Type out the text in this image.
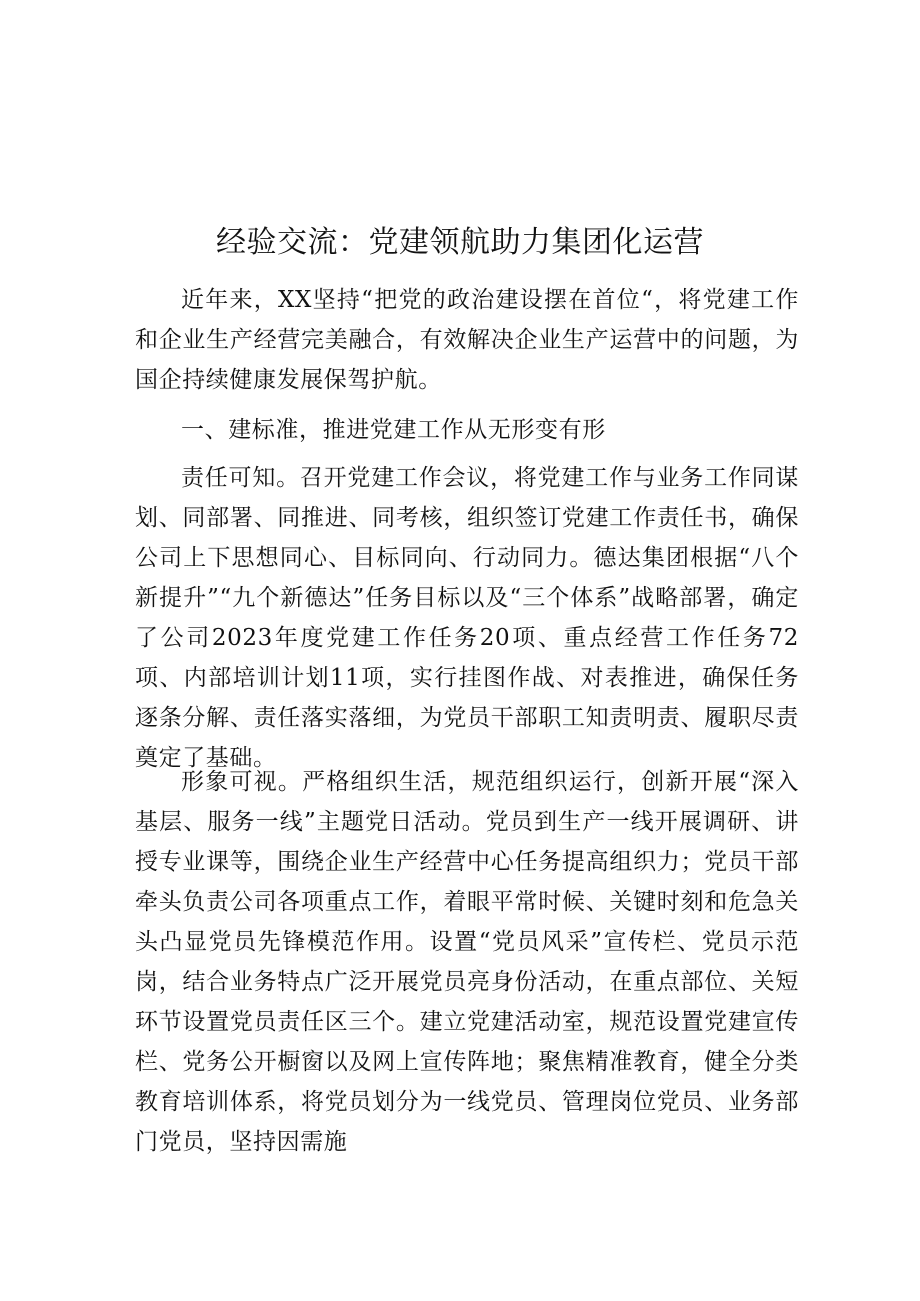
经验交流：党建领航助力集团化运营

近年来，XX坚持“把党的政治建设摆在首位“，将党建工作和企业生产经营完美融合，有效解决企业生产运营中的问题，为国企持续健康发展保驾护航。

一、建标准，推进党建工作从无形变有形

责任可知。召开党建工作会议，将党建工作与业务工作同谋划、同部署、同推进、同考核，组织签订党建工作责任书，确保公司上下思想同心、目标同向、行动同力。德达集团根据“八个新提升”“九个新德达”任务目标以及“三个体系”战略部署，确定了公司2023年度党建工作任务20项、重点经营工作任务72项、内部培训计划11项，实行挂图作战、对表推进，确保任务逐条分解、责任落实落细，为党员干部职工知责明责、履职尽责奠定了基础。

形象可视。严格组织生活，规范组织运行，创新开展“深入基层、服务一线”主题党日活动。党员到生产一线开展调研、讲授专业课等，围绕企业生产经营中心任务提高组织力；党员干部牵头负责公司各项重点工作，着眼平常时候、关键时刻和危急关头凸显党员先锋模范作用。设置“党员风采”宣传栏、党员示范岗，结合业务特点广泛开展党员亮身份活动，在重点部位、关短环节设置党员责任区三个。建立党建活动室，规范设置党建宣传栏、党务公开橱窗以及网上宣传阵地；聚焦精准教育，健全分类教育培训体系，将党员划分为一线党员、管理岗位党员、业务部门党员，坚持因需施
